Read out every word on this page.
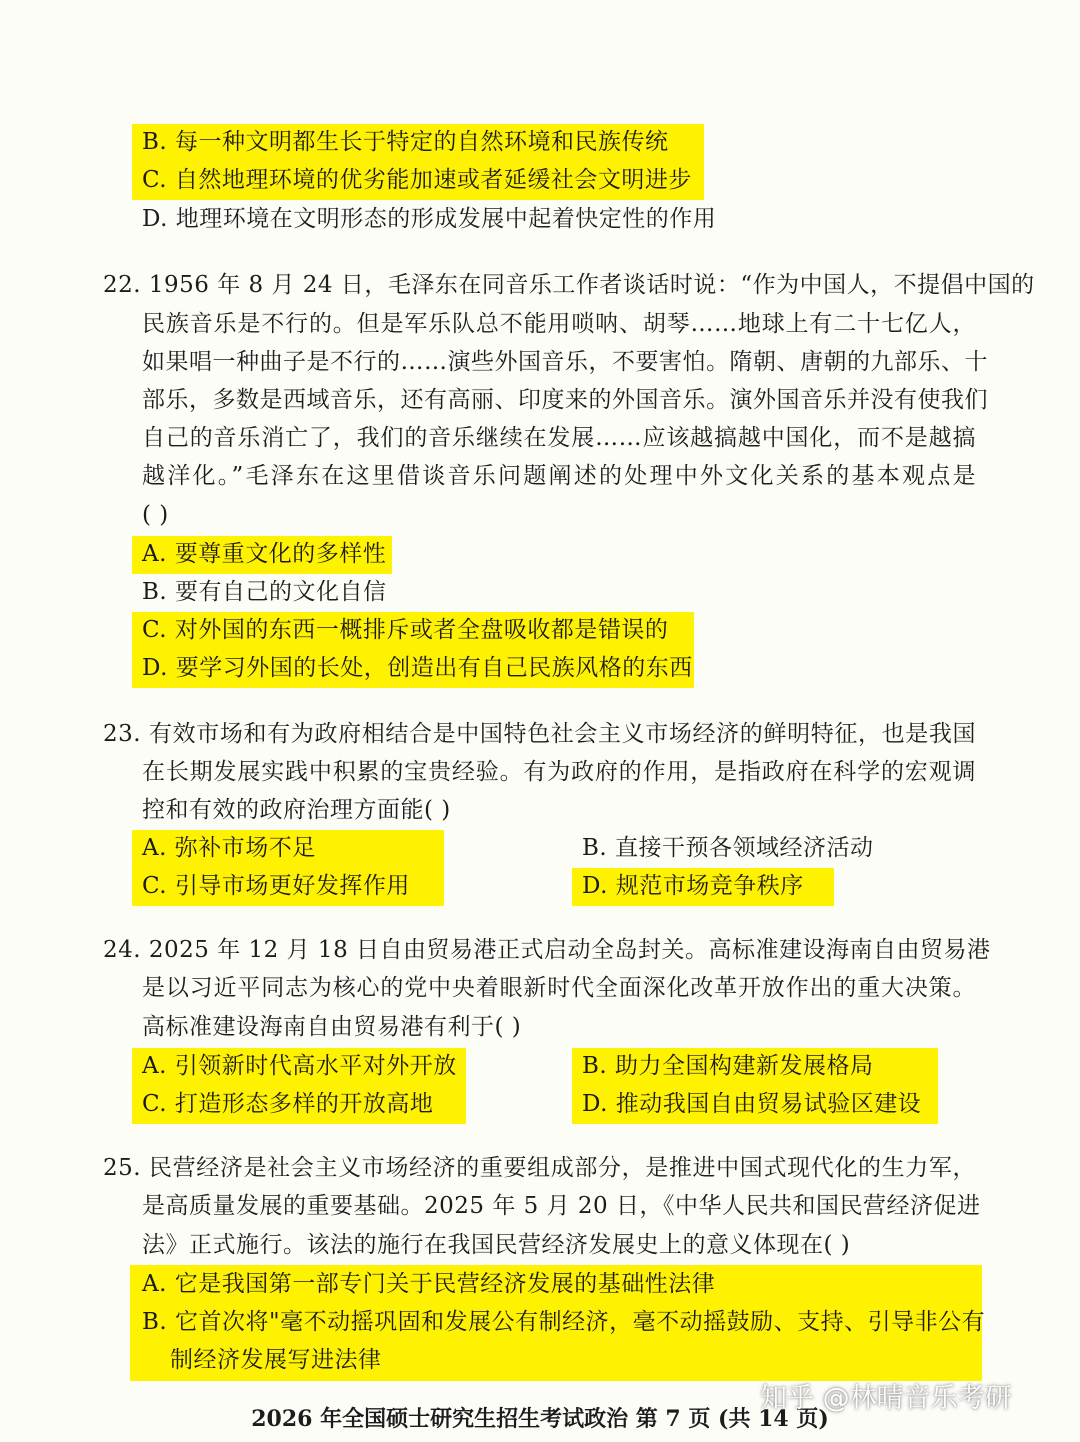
B. 每一种文明都生长于特定的自然环境和民族传统
C. 自然地理环境的优劣能加速或者延缓社会文明进步
D. 地理环境在文明形态的形成发展中起着快定性的作用
22. 1956 年 8 月 24 日，毛泽东在同音乐工作者谈话时说：“作为中国人，不提倡中国的
民族音乐是不行的。但是军乐队总不能用唢呐、胡琴……地球上有二十七亿人，
如果唱一种曲子是不行的……演些外国音乐，不要害怕。隋朝、唐朝的九部乐、十
部乐，多数是西域音乐，还有高丽、印度来的外国音乐。演外国音乐并没有使我们
自己的音乐消亡了，我们的音乐继续在发展……应该越搞越中国化，而不是越搞
越洋化。”毛泽东在这里借谈音乐问题阐述的处理中外文化关系的基本观点是
( )
A. 要尊重文化的多样性
B. 要有自己的文化自信
C. 对外国的东西一概排斥或者全盘吸收都是错误的
D. 要学习外国的长处，创造出有自己民族风格的东西
23. 有效市场和有为政府相结合是中国特色社会主义市场经济的鲜明特征，也是我国
在长期发展实践中积累的宝贵经验。有为政府的作用，是指政府在科学的宏观调
控和有效的政府治理方面能( )
A. 弥补市场不足	B. 直接干预各领域经济活动
C. 引导市场更好发挥作用	D. 规范市场竞争秩序
24. 2025 年 12 月 18 日自由贸易港正式启动全岛封关。高标准建设海南自由贸易港
是以习近平同志为核心的党中央着眼新时代全面深化改革开放作出的重大决策。
高标准建设海南自由贸易港有利于( )
A. 引领新时代高水平对外开放
C. 打造形态多样的开放高地
B. 助力全国构建新发展格局
D. 推动我国自由贸易试验区建设
25. 民营经济是社会主义市场经济的重要组成部分，是推进中国式现代化的生力军，
是高质量发展的重要基础。2025 年 5 月 20 日，《中华人民共和国民营经济促进
法》正式施行。该法的施行在我国民营经济发展史上的意义体现在( )
A. 它是我国第一部专门关于民营经济发展的基础性法律
B. 它首次将"毫不动摇巩固和发展公有制经济，毫不动摇鼓励、支持、引导非公有
制经济发展写进法律
2026 年全国硕士研究生招生考试政治 第 7 页 (共 14 页)
知乎 @林晴音乐考研
